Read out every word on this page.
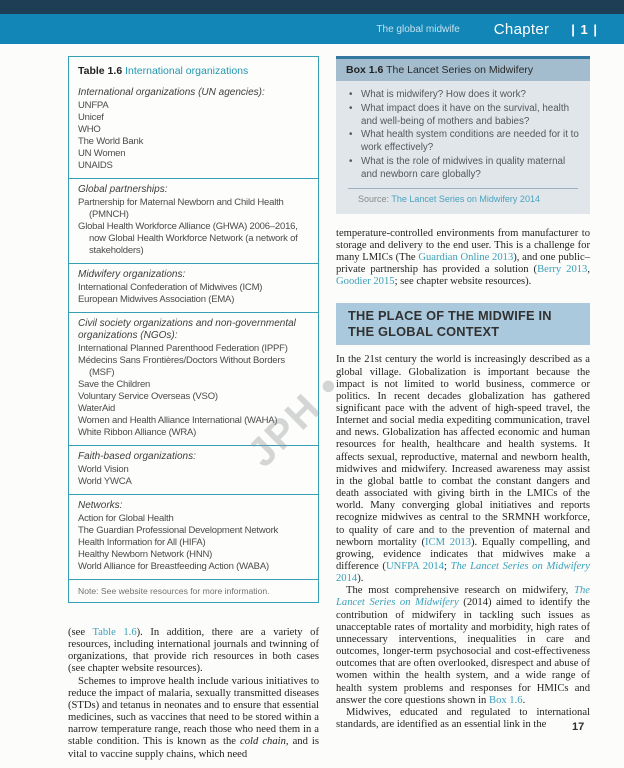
The global midwife Chapter | 1 |
Table 1.6 International organizations
International organizations (UN agencies):
UNFPA
Unicef
WHO
The World Bank
UN Women
UNAIDS
Global partnerships:
Partnership for Maternal Newborn and Child Health (PMNCH)
Global Health Workforce Alliance (GHWA) 2006–2016, now Global Health Workforce Network (a network of stakeholders)
Midwifery organizations:
International Confederation of Midwives (ICM)
European Midwives Association (EMA)
Civil society organizations and non-governmental organizations (NGOs):
International Planned Parenthood Federation (IPPF)
Médecins Sans Frontières/Doctors Without Borders (MSF)
Save the Children
Voluntary Service Overseas (VSO)
WaterAid
Women and Health Alliance International (WAHA)
White Ribbon Alliance (WRA)
Faith-based organizations:
World Vision
World YWCA
Networks:
Action for Global Health
The Guardian Professional Development Network
Health Information for All (HIFA)
Healthy Newborn Network (HNN)
World Alliance for Breastfeeding Action (WABA)
Note: See website resources for more information.

(see Table 1.6). In addition, there are a variety of resources, including international journals and twinning of organizations, that provide rich resources in both cases (see chapter website resources).

Schemes to improve health include various initiatives to reduce the impact of malaria, sexually transmitted diseases (STDs) and tetanus in neonates and to ensure that essential medicines, such as vaccines that need to be stored within a narrow temperature range, reach those who need them in a stable condition. This is known as the cold chain, and is vital to vaccine supply chains, which need

Box 1.6 The Lancet Series on Midwifery
• What is midwifery? How does it work?
• What impact does it have on the survival, health and well-being of mothers and babies?
• What health system conditions are needed for it to work effectively?
• What is the role of midwives in quality maternal and newborn care globally?
Source: The Lancet Series on Midwifery 2014

temperature-controlled environments from manufacturer to storage and delivery to the end user. This is a challenge for many LMICs (The Guardian Online 2013), and one public–private partnership has provided a solution (Berry 2013, Goodier 2015; see chapter website resources).

THE PLACE OF THE MIDWIFE IN THE GLOBAL CONTEXT

In the 21st century the world is increasingly described as a global village. Globalization is important because the impact is not limited to world business, commerce or politics. In recent decades globalization has gathered significant pace with the advent of high-speed travel, the Internet and social media expediting communication, travel and news. Globalization has affected economic and human resources for health, healthcare and health systems. It affects sexual, reproductive, maternal and newborn health, midwives and midwifery. Increased awareness may assist in the global battle to combat the constant dangers and death associated with giving birth in the LMICs of the world. Many converging global initiatives and reports recognize midwives as central to the SRMNH workforce, to quality of care and to the prevention of maternal and newborn mortality (ICM 2013). Equally compelling, and growing, evidence indicates that midwives make a difference (UNFPA 2014; The Lancet Series on Midwifery 2014).

The most comprehensive research on midwifery, The Lancet Series on Midwifery (2014) aimed to identify the contribution of midwifery in tackling such issues as unacceptable rates of mortality and morbidity, high rates of unnecessary interventions, inequalities in care and outcomes, longer-term psychosocial and cost-effectiveness outcomes that are often overlooked, disrespect and abuse of women within the health system, and a wide range of health system problems and responses for HMICs and answer the core questions shown in Box 1.6.

Midwives, educated and regulated to international standards, are identified as an essential link in the

JPH •
17
